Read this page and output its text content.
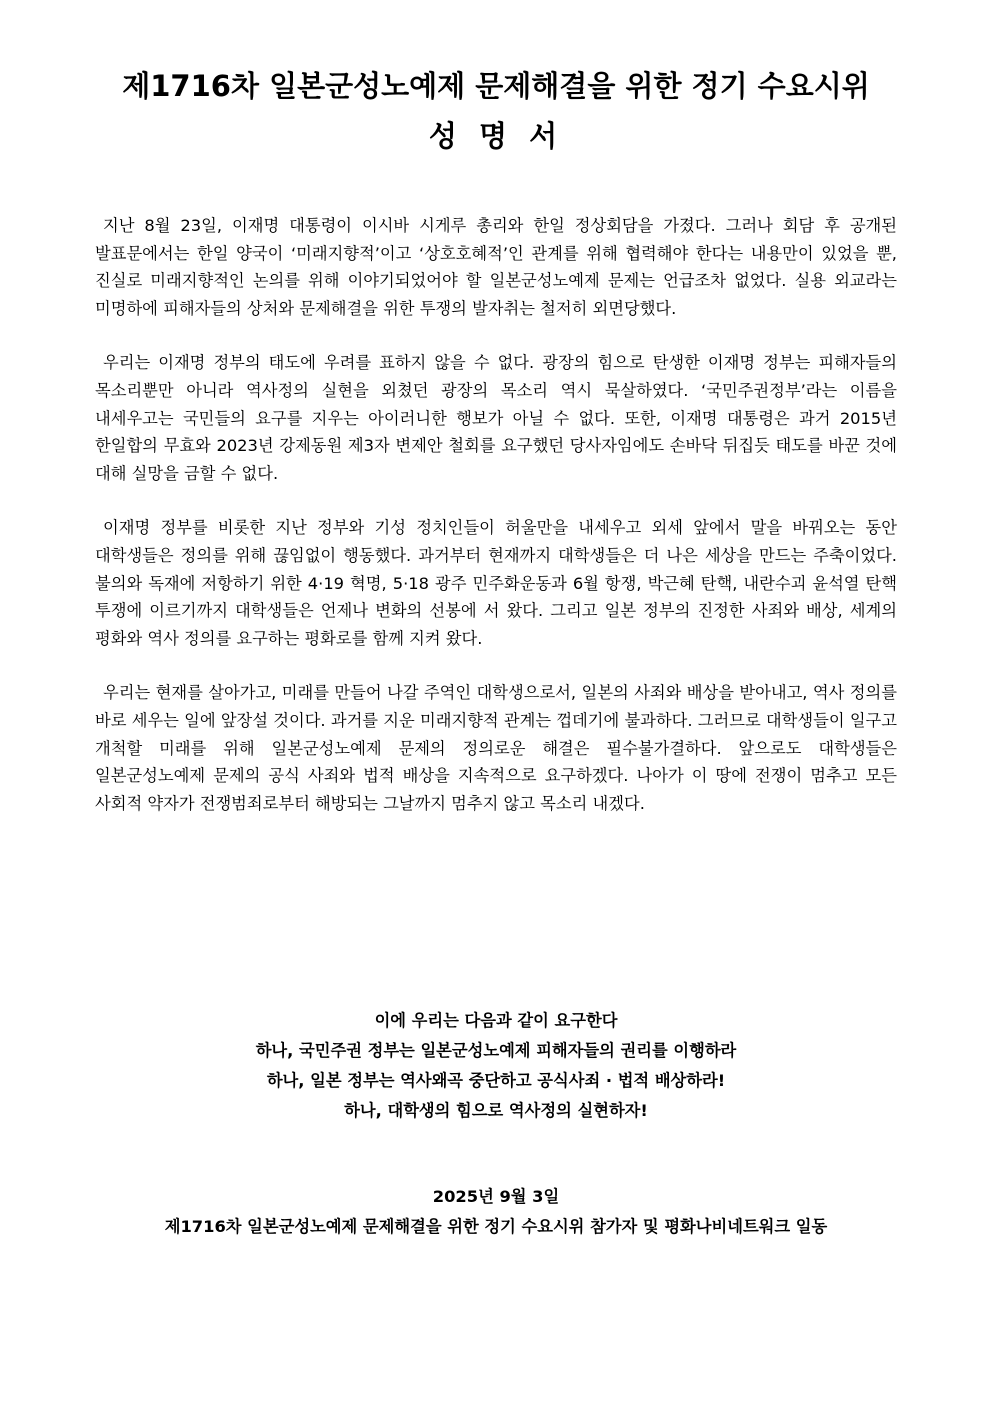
제1716차 일본군성노예제 문제해결을 위한 정기 수요시위
성 명 서

지난 8월 23일, 이재명 대통령이 이시바 시게루 총리와 한일 정상회담을 가졌다. 그러나 회담 후 공개된 발표문에서는 한일 양국이 ‘미래지향적’이고 ‘상호호혜적’인 관계를 위해 협력해야 한다는 내용만이 있었을 뿐, 진실로 미래지향적인 논의를 위해 이야기되었어야 할 일본군성노예제 문제는 언급조차 없었다. 실용 외교라는 미명하에 피해자들의 상처와 문제해결을 위한 투쟁의 발자취는 철저히 외면당했다.

우리는 이재명 정부의 태도에 우려를 표하지 않을 수 없다. 광장의 힘으로 탄생한 이재명 정부는 피해자들의 목소리뿐만 아니라 역사정의 실현을 외쳤던 광장의 목소리 역시 묵살하였다. ‘국민주권정부’라는 이름을 내세우고는 국민들의 요구를 지우는 아이러니한 행보가 아닐 수 없다. 또한, 이재명 대통령은 과거 2015년 한일합의 무효와 2023년 강제동원 제3자 변제안 철회를 요구했던 당사자임에도 손바닥 뒤집듯 태도를 바꾼 것에 대해 실망을 금할 수 없다.

이재명 정부를 비롯한 지난 정부와 기성 정치인들이 허울만을 내세우고 외세 앞에서 말을 바꿔오는 동안 대학생들은 정의를 위해 끊임없이 행동했다. 과거부터 현재까지 대학생들은 더 나은 세상을 만드는 주축이었다. 불의와 독재에 저항하기 위한 4·19 혁명, 5·18 광주 민주화운동과 6월 항쟁, 박근혜 탄핵, 내란수괴 윤석열 탄핵 투쟁에 이르기까지 대학생들은 언제나 변화의 선봉에 서 왔다. 그리고 일본 정부의 진정한 사죄와 배상, 세계의 평화와 역사 정의를 요구하는 평화로를 함께 지켜 왔다.

우리는 현재를 살아가고, 미래를 만들어 나갈 주역인 대학생으로서, 일본의 사죄와 배상을 받아내고, 역사 정의를 바로 세우는 일에 앞장설 것이다. 과거를 지운 미래지향적 관계는 껍데기에 불과하다. 그러므로 대학생들이 일구고 개척할 미래를 위해 일본군성노예제 문제의 정의로운 해결은 필수불가결하다. 앞으로도 대학생들은 일본군성노예제 문제의 공식 사죄와 법적 배상을 지속적으로 요구하겠다. 나아가 이 땅에 전쟁이 멈추고 모든 사회적 약자가 전쟁범죄로부터 해방되는 그날까지 멈추지 않고 목소리 내겠다.

이에 우리는 다음과 같이 요구한다
하나, 국민주권 정부는 일본군성노예제 피해자들의 권리를 이행하라
하나, 일본 정부는 역사왜곡 중단하고 공식사죄 · 법적 배상하라!
하나, 대학생의 힘으로 역사정의 실현하자!
2025년 9월 3일
제1716차 일본군성노예제 문제해결을 위한 정기 수요시위 참가자 및 평화나비네트워크 일동
